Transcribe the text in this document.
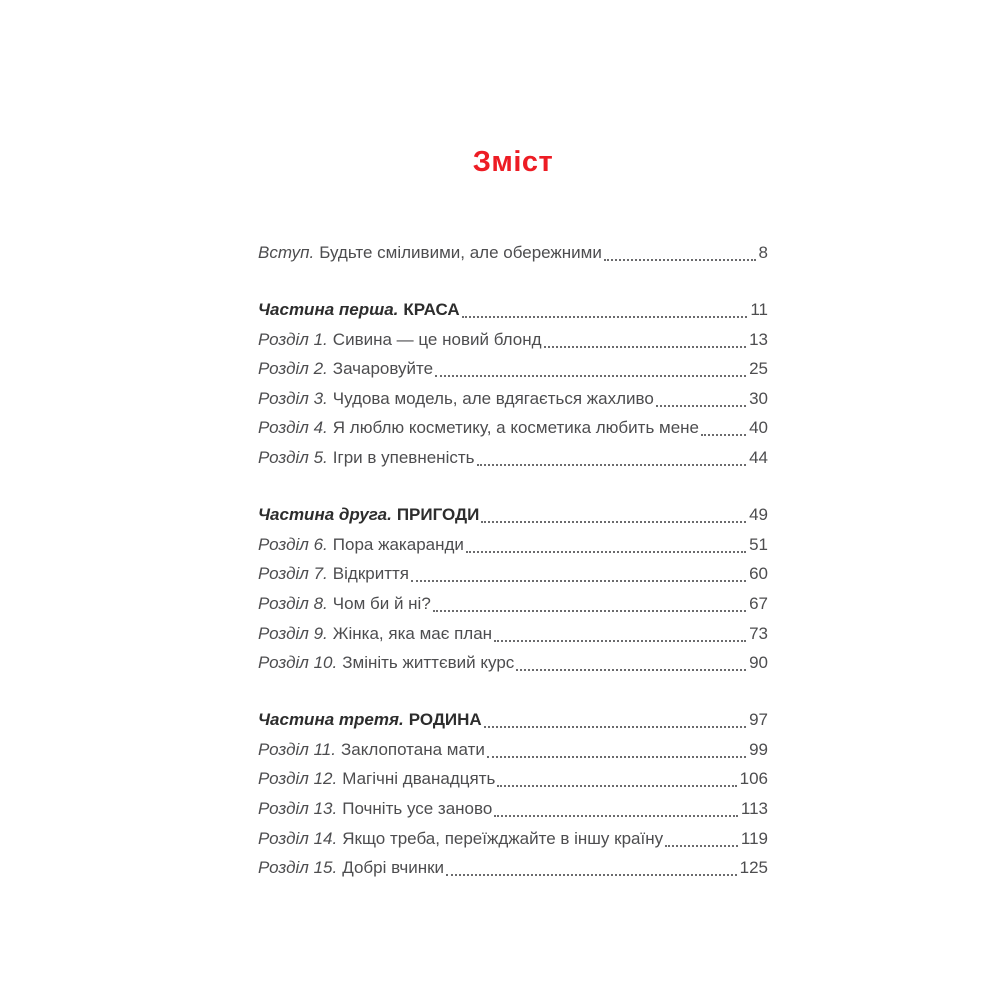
Зміст
Вступ. Будьте сміливими, але обережними	8
Частина перша. КРАСА	11
Розділ 1. Сивина — це новий блонд	13
Розділ 2. Зачаровуйте	25
Розділ 3. Чудова модель, але вдягається жахливо	30
Розділ 4. Я люблю косметику, а косметика любить мене	40
Розділ 5. Ігри в упевненість	44
Частина друга. ПРИГОДИ	49
Розділ 6. Пора жакаранди	51
Розділ 7. Відкриття	60
Розділ 8. Чом би й ні?	67
Розділ 9. Жінка, яка має план	73
Розділ 10. Змініть життєвий курс	90
Частина третя. РОДИНА	97
Розділ 11. Заклопотана мати	99
Розділ 12. Магічні дванадцять	106
Розділ 13. Почніть усе заново	113
Розділ 14. Якщо треба, переїжджайте в іншу країну	119
Розділ 15. Добрі вчинки	125
